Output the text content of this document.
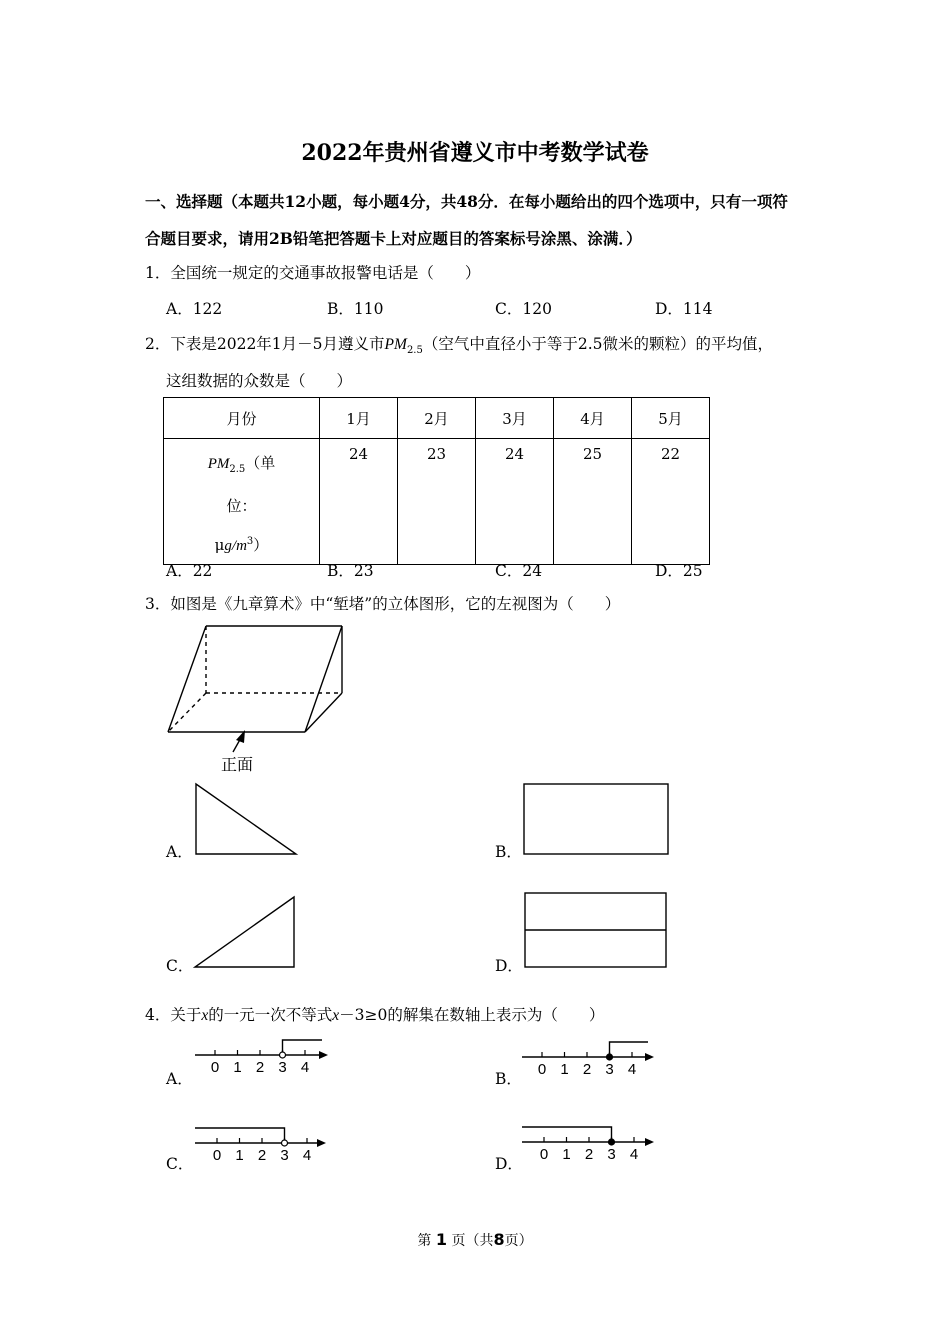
2022年贵州省遵义市中考数学试卷
一、选择题（本题共12小题，每小题4分，共48分．在每小题给出的四个选项中，只有一项符
合题目要求，请用2B铅笔把答题卡上对应题目的答案标号涂黑、涂满．）
1．全国统一规定的交通事故报警电话是（　　）
A．122	B．110	C．120	D．114
2．下表是2022年1月－5月遵义市$PM_{2.5}$（空气中直径小于等于2.5微米的颗粒）的平均值，
这组数据的众数是（　　）
月份	1月	2月	3月	4月	5月

$PM_{2.5}$（单
位：
$\mu g/m^3$）	24	23	24	25	22
A．22	B．23	C．24	D．25
3．如图是《九章算术》中“堑堵”的立体图形，它的左视图为（　　）
正面
A．	B．
C．	D．
4．关于x的一元一次不等式x－3≥0的解集在数轴上表示为（　　）
A．	B．
C．	D．
0 1 2 3 4	0 1 2 3 4
0 1 2 3 4	0 1 2 3 4
第 1 页（共8页）
